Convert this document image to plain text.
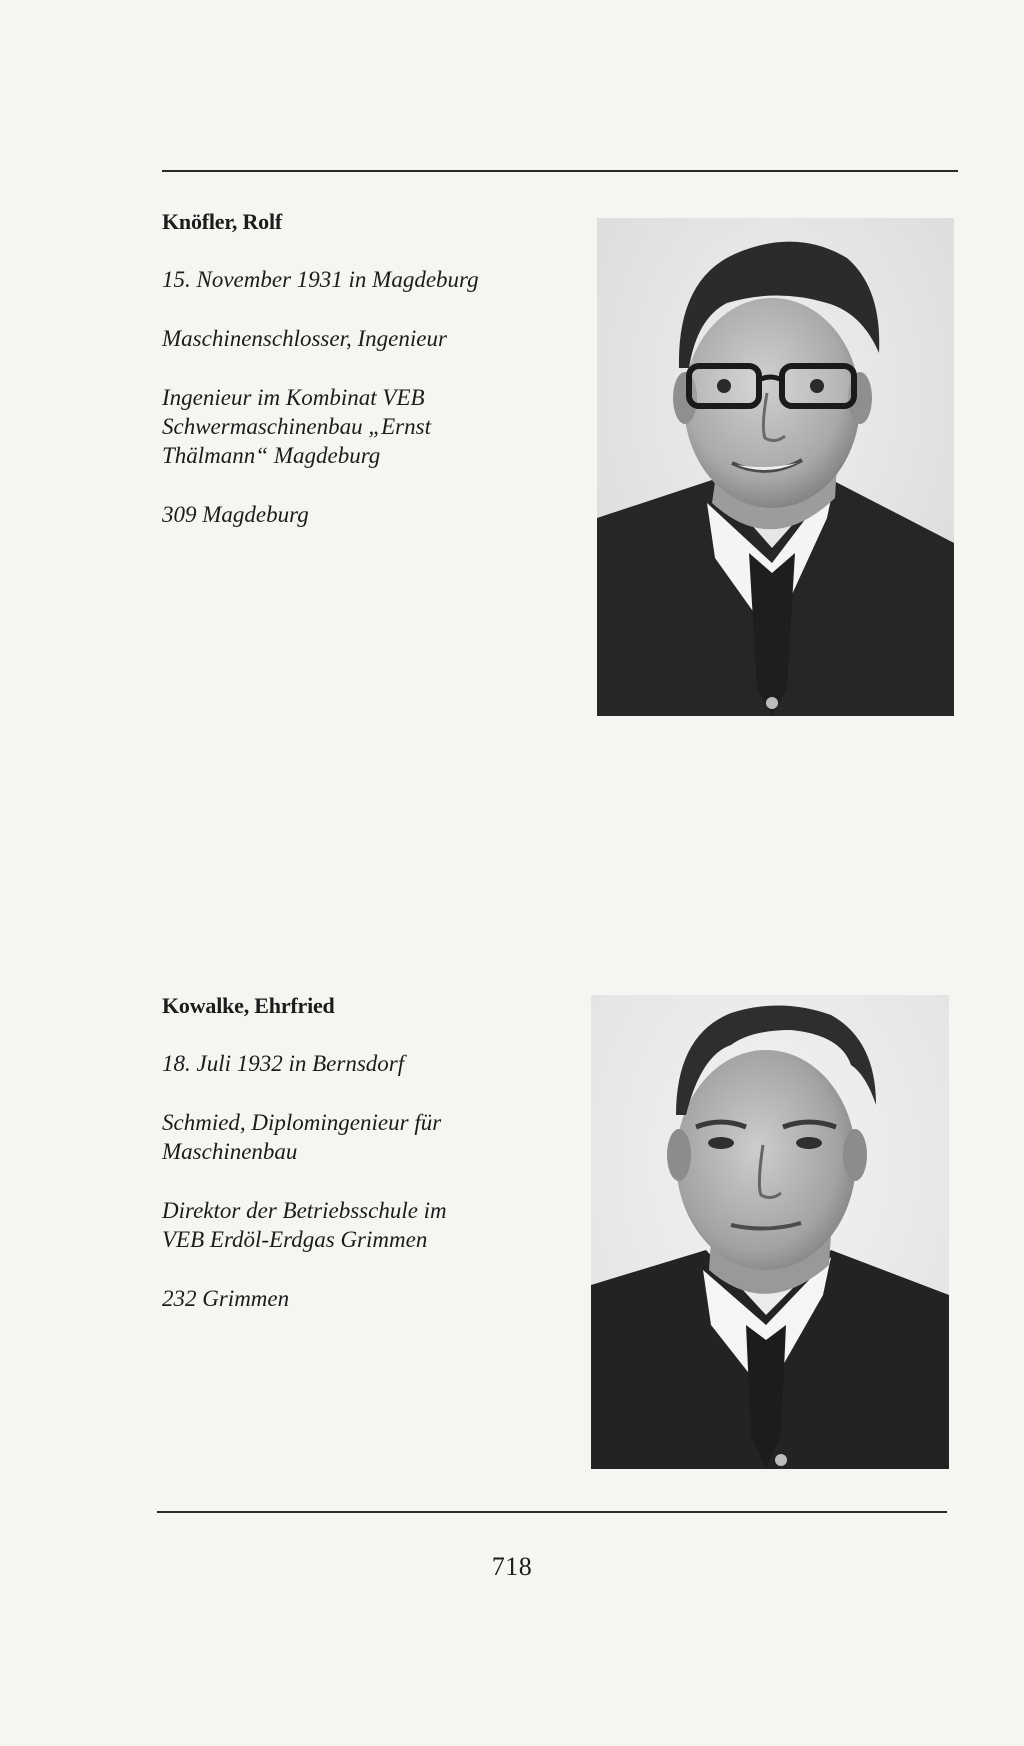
Knöfler, Rolf

15. November 1931 in Magdeburg

Maschinenschlosser, Ingenieur

Ingenieur im Kombinat VEB
Schwermaschinenbau „Ernst
Thälmann“ Magdeburg

309 Magdeburg

Kowalke, Ehrfried

18. Juli 1932 in Bernsdorf

Schmied, Diplomingenieur für
Maschinenbau

Direktor der Betriebsschule im
VEB Erdöl-Erdgas Grimmen

232 Grimmen

718
